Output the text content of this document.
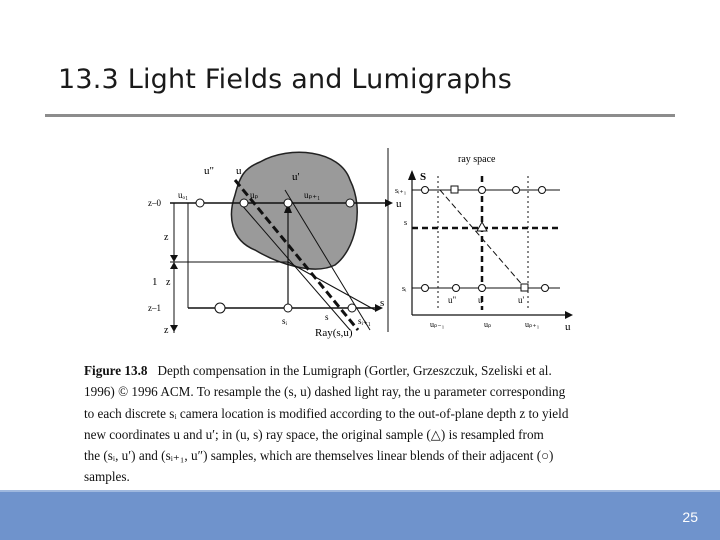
13.3 Light Fields and Lumigraphs
u" u	u'
uₒ₁	uₚ	uₚ₊₁
z–0
z
1 z
z–1
z
u
s
sᵢ	s	sᵢ₊₁
Ray(s,u)
ray space
S
sᵢ₊₁
s
sᵢ
u" u	u'
uₚ₋₁	uₚ	uₚ₊₁ u

Figure 13.8 Depth compensation in the Lumigraph (Gortler, Grzeszczuk, Szeliski et al.

1996) © 1996 ACM. To resample the (s, u) dashed light ray, the u parameter corresponding

to each discrete sᵢ camera location is modified according to the out-of-plane depth z to yield

new coordinates u and u′; in (u, s) ray space, the original sample (△) is resampled from

the (sᵢ, u′) and (sᵢ₊₁, u″) samples, which are themselves linear blends of their adjacent (○)

samples.

25
